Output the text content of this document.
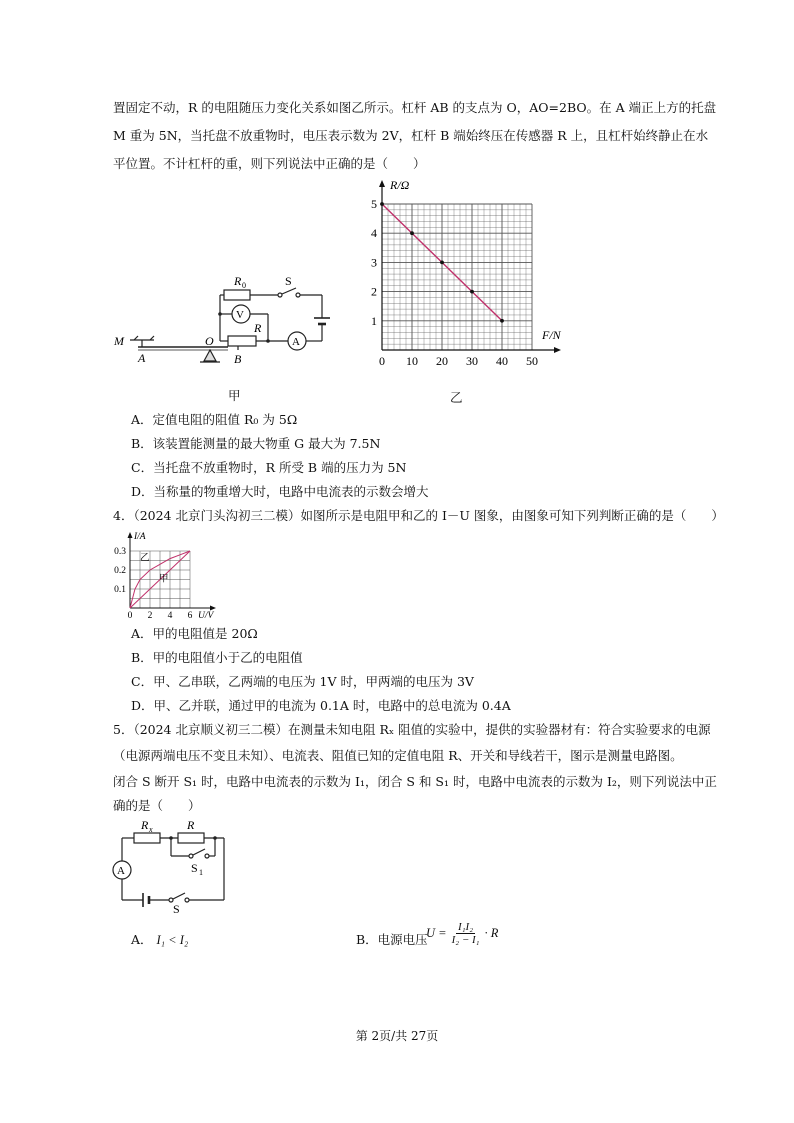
置固定不动，R 的电阻随压力变化关系如图乙所示。杠杆 AB 的支点为 O，AO=2BO。在 A 端正上方的托盘
M 重为 5N，当托盘不放重物时，电压表示数为 2V，杠杆 B 端始终压在传感器 R 上，且杠杆始终静止在水
平位置。不计杠杆的重，则下列说法中正确的是（　　）
R 0	S
V
R
A
M
A
O
B
甲
0 10 20 30 40 50
1
2
3
4
5
R/Ω
F/N
乙
A．定值电阻的阻值 R₀ 为 5Ω
B．该装置能测量的最大物重 G 最大为 7.5N
C．当托盘不放重物时，R 所受 B 端的压力为 5N
D．当称量的物重增大时，电路中电流表的示数会增大
4．（2024 北京门头沟初三二模）如图所示是电阻甲和乙的 I－U 图象，由图象可知下列判断正确的是（　　）
0 2 4 6
0.1
0.2
0.3
I/A
U/V
甲
乙
A．甲的电阻值是 20Ω
B．甲的电阻值小于乙的电阻值
C．甲、乙串联，乙两端的电压为 1V 时，甲两端的电压为 3V
D．甲、乙并联，通过甲的电流为 0.1A 时，电路中的总电流为 0.4A
5．（2024 北京顺义初三二模）在测量未知电阻 Rₓ 阻值的实验中，提供的实验器材有：符合实验要求的电源
（电源两端电压不变且未知）、电流表、阻值已知的定值电阻 R、开关和导线若干，图示是测量电路图。
闭合 S 断开 S₁ 时，电路中电流表的示数为 I₁，闭合 S 和 S₁ 时，电路中电流表的示数为 I₂，则下列说法中正
确的是（　　）
R x	R
A	S 1
S
A． I₁ < I₂	B．电源电压
$U = \frac{\text{I₁I₂}}{\text{I₂ − I₁}} \cdot R$
第 2页/共 27页
